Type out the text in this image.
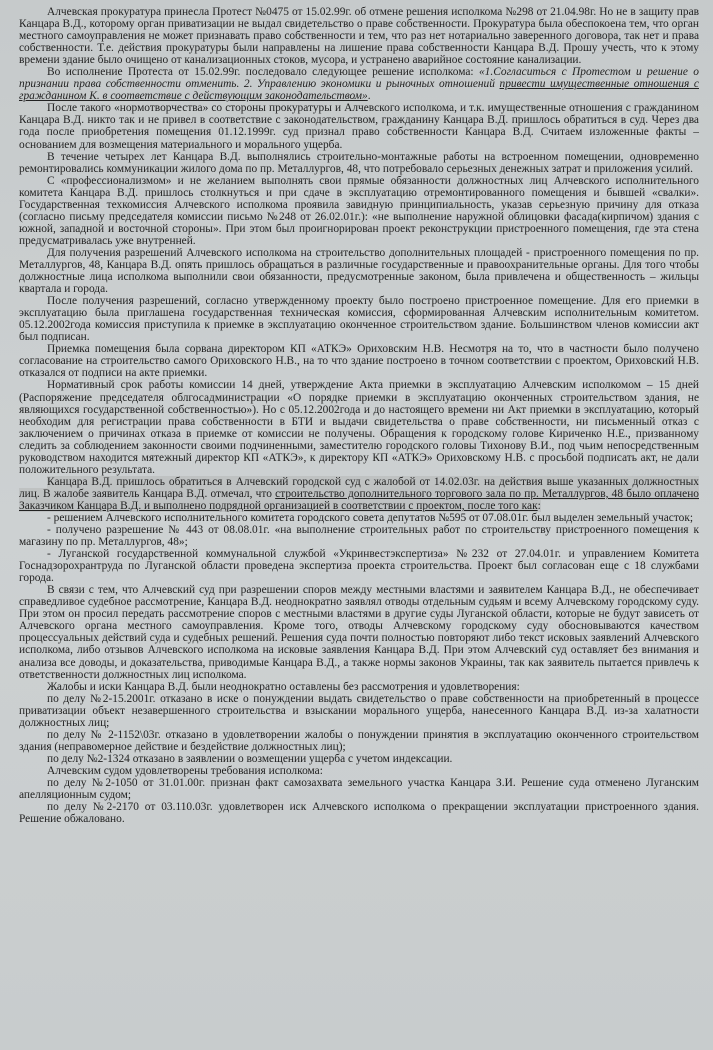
Алчевская прокуратура принесла Протест №0475 от 15.02.99г. об отмене решения исполкома №298 от 21.04.98г. Но не в защиту прав Канцара В.Д., которому орган приватизации не выдал свидетельство о праве собственности. Прокуратура была обеспокоена тем, что орган местного самоуправления не может признавать право собственности и тем, что раз нет нотариально заверенного договора, так нет и права собственности. Т.е. действия прокуратуры были направлены на лишение права собственности Канцара В.Д. Прошу учесть, что к этому времени здание было очищено от канализационных стоков, мусора, и устранено аварийное состояние канализации.

Во исполнение Протеста от 15.02.99г. последовало следующее решение исполкома: «1.Согласиться с Протестом и решение о признании права собственности отменить. 2. Управлению экономики и рыночных отношений привести имущественные отношения с гражданином К. в соответствие с действующим законодательством».

После такого «нормотворчества» со стороны прокуратуры и Алчевского исполкома, и т.к. имущественные отношения с гражданином Канцара В.Д. никто так и не привел в соответствие с законодательством, гражданину Канцара В.Д. пришлось обратиться в суд. Через два года после приобретения помещения 01.12.1999г. суд признал право собственности Канцара В.Д. Считаем изложенные факты – основанием для возмещения материального и морального ущерба.

В течение четырех лет Канцара В.Д. выполнялись строительно-монтажные работы на встроенном помещении, одновременно ремонтировались коммуникации жилого дома по пр. Металлургов, 48, что потребовало серьезных денежных затрат и приложения усилий.

С «профессионализмом» и не желанием выполнять свои прямые обязанности должностных лиц Алчевского исполнительного комитета Канцара В.Д. пришлось столкнуться и при сдаче в эксплуатацию отремонтированного помещения и бывшей «свалки». Государственная техкомиссия Алчевского исполкома проявила завидную принципиальность, указав серьезную причину для отказа (согласно письму председателя комиссии письмо №248 от 26.02.01г.): «не выполнение наружной облицовки фасада(кирпичом) здания с южной, западной и восточной стороны». При этом был проигнорирован проект реконструкции пристроенного помещения, где эта стена предусматривалась уже внутренней.

Для получения разрешений Алчевского исполкома на строительство дополнительных площадей - пристроенного помещения по пр. Металлургов, 48, Канцара В.Д. опять пришлось обращаться в различные государственные и правоохранительные органы. Для того чтобы должностные лица исполкома выполнили свои обязанности, предусмотренные законом, была привлечена и общественность – жильцы квартала и города.

После получения разрешений, согласно утвержденному проекту было построено пристроенное помещение. Для его приемки в эксплуатацию была приглашена государственная техническая комиссия, сформированная Алчевским исполнительным комитетом. 05.12.2002года комиссия приступила к приемке в эксплуатацию оконченное строительством здание. Большинством членов комиссии акт был подписан.

Приемка помещения была сорвана директором КП «АТКЭ» Ориховским Н.В. Несмотря на то, что в частности было получено согласование на строительство самого Ориховского Н.В., на то что здание построено в точном соответствии с проектом, Ориховский Н.В. отказался от подписи на акте приемки.

Нормативный срок работы комиссии 14 дней, утверждение Акта приемки в эксплуатацию Алчевским исполкомом – 15 дней (Распоряжение председателя облгосадминистрации «О порядке приемки в эксплуатацию оконченных строительством здания, не являющихся государственной собственностью»). Но с 05.12.2002года и до настоящего времени ни Акт приемки в эксплуатацию, который необходим для регистрации права собственности в БТИ и выдачи свидетельства о праве собственности, ни письменный отказ с заключением о причинах отказа в приемке от комиссии не получены. Обращения к городскому голове Кириченко Н.Е., призванному следить за соблюдением законности своими подчиненными, заместителю городского головы Тихонову В.И., под чьим непосредственным руководством находится мятежный директор КП «АТКЭ», к директору КП «АТКЭ» Ориховскому Н.В. с просьбой подписать акт, не дали положительного результата.

Канцара В.Д. пришлось обратиться в Алчевский городской суд с жалобой от 14.02.03г. на действия выше указанных должностных лиц. В жалобе заявитель Канцара В.Д. отмечал, что строительство дополнительного торгового зала по пр. Металлургов, 48 было оплачено Заказчиком Канцара В.Д. и выполнено подрядной организацией в соответствии с проектом, после того как:

- решением Алчевского исполнительного комитета городского совета депутатов №595 от 07.08.01г. был выделен земельный участок;

- получено разрешение № 443 от 08.08.01г. «на выполнение строительных работ по строительству пристроенного помещения к магазину по пр. Металлургов, 48»;

- Луганской государственной коммунальной службой «Укринвестэкспертиза» №232 от 27.04.01г. и управлением Комитета Госнадзорохрантруда по Луганской области проведена экспертиза проекта строительства. Проект был согласован еще с 18 службами города.

В связи с тем, что Алчевский суд при разрешении споров между местными властями и заявителем Канцара В.Д., не обеспечивает справедливое судебное рассмотрение, Канцара В.Д. неоднократно заявлял отводы отдельным судьям и всему Алчевскому городскому суду. При этом он просил передать рассмотрение споров с местными властями в другие суды Луганской области, которые не будут зависеть от Алчевского органа местного самоуправления. Кроме того, отводы Алчевскому городскому суду обосновываются качеством процессуальных действий суда и судебных решений. Решения суда почти полностью повторяют либо текст исковых заявлений Алчевского исполкома, либо отзывов Алчевского исполкома на исковые заявления Канцара В.Д. При этом Алчевский суд оставляет без внимания и анализа все доводы, и доказательства, приводимые Канцара В.Д., а также нормы законов Украины, так как заявитель пытается привлечь к ответственности должностных лиц исполкома.

Жалобы и иски Канцара В.Д. были неоднократно оставлены без рассмотрения и удовлетворения:

по делу №2-15.2001г. отказано в иске о понуждении выдать свидетельство о праве собственности на приобретенный в процессе приватизации объект незавершенного строительства и взыскании морального ущерба, нанесенного Канцара В.Д. из-за халатности должностных лиц;

по делу № 2-1152\03г. отказано в удовлетворении жалобы о понуждении принятия в эксплуатацию оконченного строительством здания (неправомерное действие и бездействие должностных лиц);

по делу №2-1324 отказано в заявлении о возмещении ущерба с учетом индексации.

Алчевским судом удовлетворены требования исполкома:

по делу №2-1050 от 31.01.00г. признан факт самозахвата земельного участка Канцара З.И. Решение суда отменено Луганским апелляционным судом;

по делу №2-2170 от 03.110.03г. удовлетворен иск Алчевского исполкома о прекращении эксплуатации пристроенного здания. Решение обжаловано.
